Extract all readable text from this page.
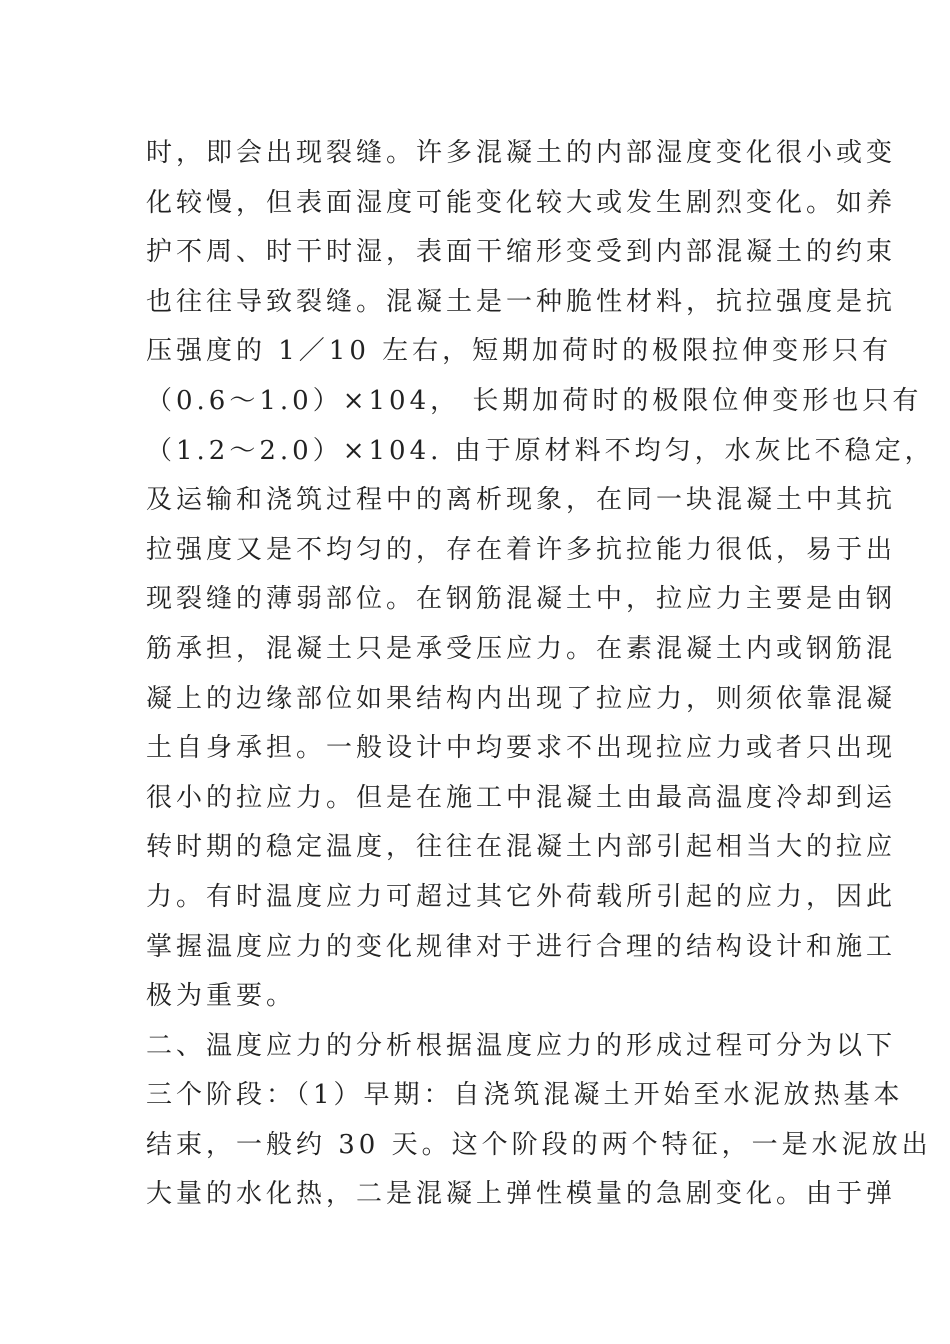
时，即会出现裂缝。许多混凝土的内部湿度变化很小或变
化较慢，但表面湿度可能变化较大或发生剧烈变化。如养
护不周、时干时湿，表面干缩形变受到内部混凝土的约束
也往往导致裂缝。混凝土是一种脆性材料，抗拉强度是抗
压强度的 1／10 左右，短期加荷时的极限拉伸变形只有
（0.6～1.0）×104， 长期加荷时的极限位伸变形也只有
（1.2～2.0）×104. 由于原材料不均匀，水灰比不稳定，
及运输和浇筑过程中的离析现象，在同一块混凝土中其抗
拉强度又是不均匀的，存在着许多抗拉能力很低，易于出
现裂缝的薄弱部位。在钢筋混凝土中，拉应力主要是由钢
筋承担，混凝土只是承受压应力。在素混凝土内或钢筋混
凝上的边缘部位如果结构内出现了拉应力，则须依靠混凝
土自身承担。一般设计中均要求不出现拉应力或者只出现
很小的拉应力。但是在施工中混凝土由最高温度冷却到运
转时期的稳定温度，往往在混凝土内部引起相当大的拉应
力。有时温度应力可超过其它外荷载所引起的应力，因此
掌握温度应力的变化规律对于进行合理的结构设计和施工
极为重要。
二、温度应力的分析根据温度应力的形成过程可分为以下
三个阶段：（1）早期：自浇筑混凝土开始至水泥放热基本
结束，一般约 30 天。这个阶段的两个特征，一是水泥放出
大量的水化热，二是混凝上弹性模量的急剧变化。由于弹
